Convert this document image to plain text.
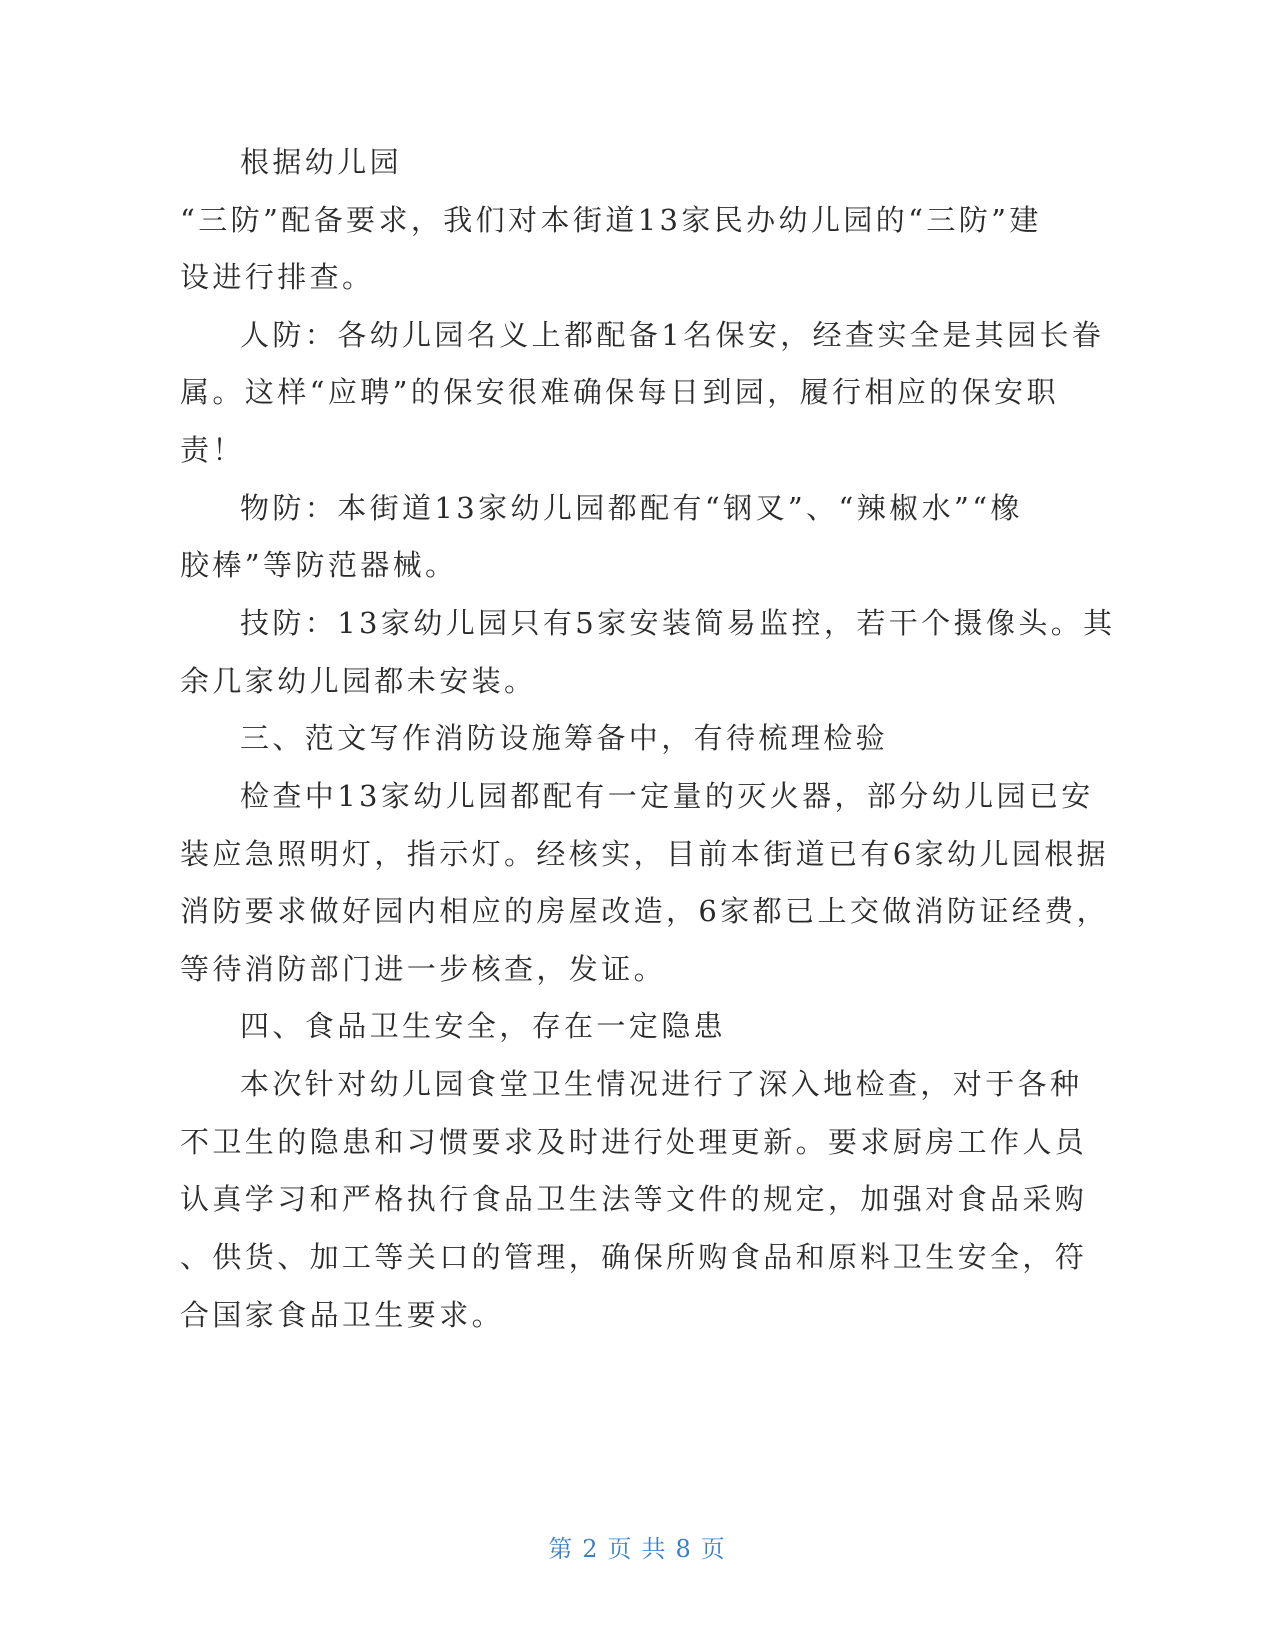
根据幼儿园
“三防”配备要求，我们对本街道13家民办幼儿园的“三防”建
设进行排查。
人防：各幼儿园名义上都配备1名保安，经查实全是其园长眷
属。这样“应聘”的保安很难确保每日到园，履行相应的保安职
责！
物防：本街道13家幼儿园都配有“钢叉”、“辣椒水”“橡
胶棒”等防范器械。
技防：13家幼儿园只有5家安装简易监控，若干个摄像头。其
余几家幼儿园都未安装。
三、范文写作消防设施筹备中，有待梳理检验
检查中13家幼儿园都配有一定量的灭火器，部分幼儿园已安
装应急照明灯，指示灯。经核实，目前本街道已有6家幼儿园根据
消防要求做好园内相应的房屋改造，6家都已上交做消防证经费，
等待消防部门进一步核查，发证。
四、食品卫生安全，存在一定隐患
本次针对幼儿园食堂卫生情况进行了深入地检查，对于各种
不卫生的隐患和习惯要求及时进行处理更新。要求厨房工作人员
认真学习和严格执行食品卫生法等文件的规定，加强对食品采购
、供货、加工等关口的管理，确保所购食品和原料卫生安全，符
合国家食品卫生要求。
第 2 页 共 8 页
